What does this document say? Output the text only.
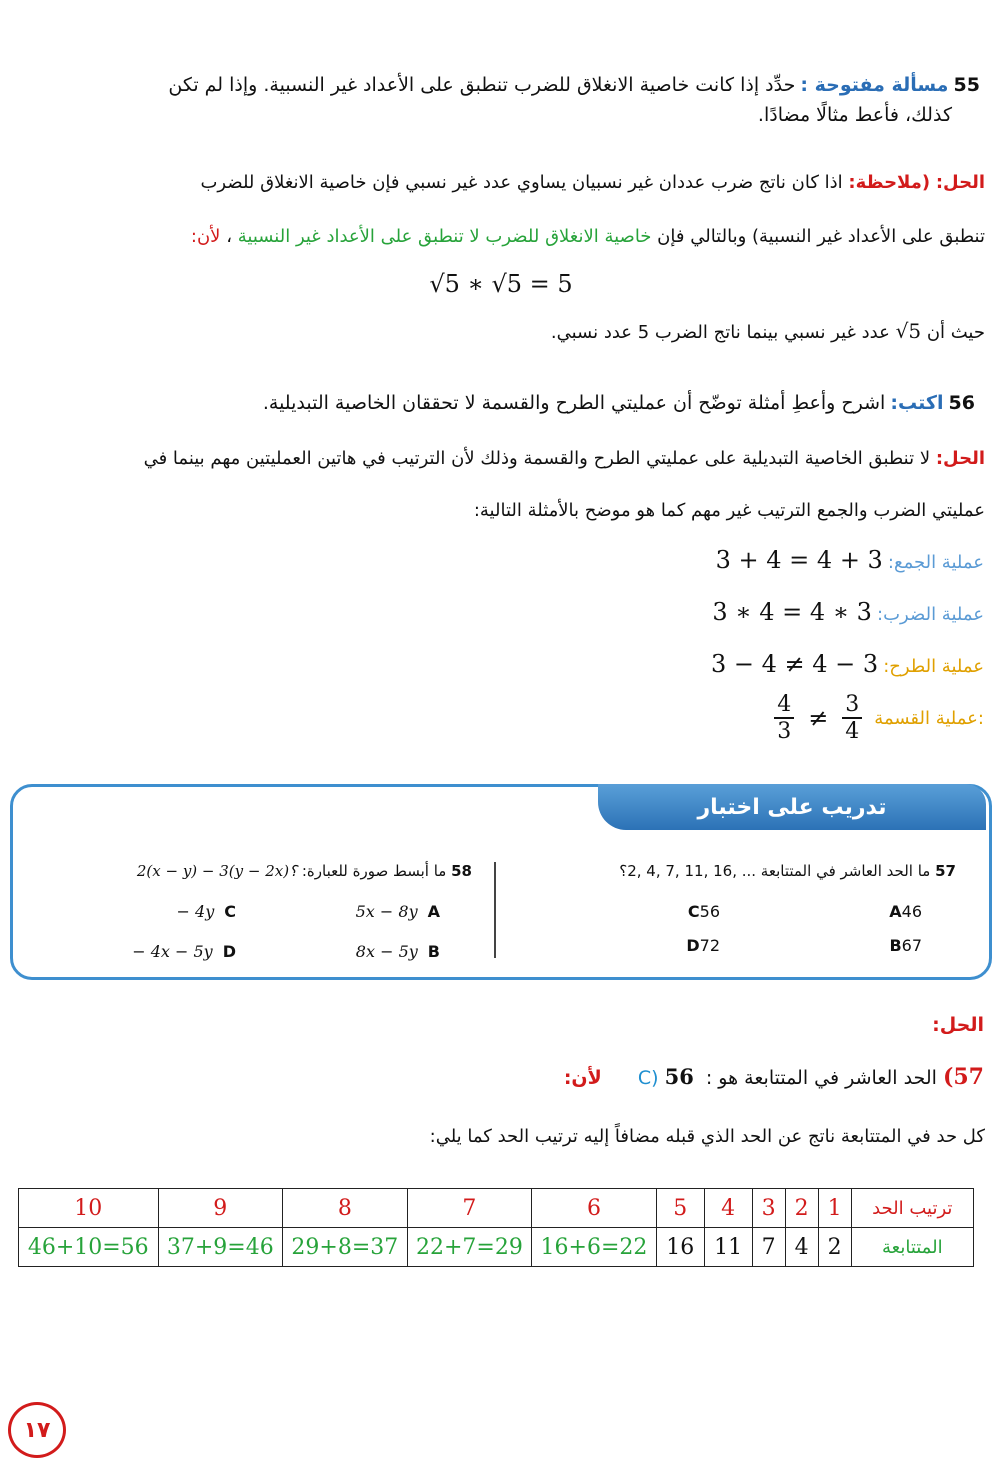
55 مسألة مفتوحة : حدِّد إذا كانت خاصية الانغلاق للضرب تنطبق على الأعداد غير النسبية. وإذا لم تكن
كذلك، فأعط مثالًا مضادًا.
الحل: (ملاحظة: اذا كان ناتج ضرب عددان غير نسبيان يساوي عدد غير نسبي فإن خاصية الانغلاق للضرب
تنطبق على الأعداد غير النسبية) وبالتالي فإن خاصية الانغلاق للضرب لا تنطبق على الأعداد غير النسبية ، لأن:
√5 ∗ √5 = 5
حيث أن √5 عدد غير نسبي بينما ناتج الضرب 5 عدد نسبي.
56 اكتب: اشرح وأعطِ أمثلة توضّح أن عمليتي الطرح والقسمة لا تحققان الخاصية التبديلية.
الحل: لا تنطبق الخاصية التبديلية على عمليتي الطرح والقسمة وذلك لأن الترتيب في هاتين العمليتين مهم بينما في
عمليتي الضرب والجمع الترتيب غير مهم كما هو موضح بالأمثلة التالية:
عملية الجمع: 3 + 4 = 4 + 3
عملية الضرب: 3 ∗ 4 = 4 ∗ 3
عملية الطرح: 3 − 4 ≠ 4 − 3
عملية القسمة:
3
4
≠
4
3
تدريب على اختبار
57 ما الحد العاشر في المتتابعة ... ,16 ,11 ,7 ,4 ,2؟
A46
B67
C56
D72
58 ما أبسط صورة للعبارة: 2(x − y) − 3(y − 2x)؟
A5x − 8y
B8x − 5y
C− 4y
D− 4x − 5y
الحل:
57) الحد العاشر في المتتابعة هو : C) 56 لأن:
كل حد في المتتابعة ناتج عن الحد الذي قبله مضافاً إليه ترتيب الحد كما يلي:
ترتيب الحد	1	2	3	4	5	6	7	8	9	10
المتتابعة	2	4	7	11	16	16+6=22	22+7=29	29+8=37	37+9=46	46+10=56
١٧
